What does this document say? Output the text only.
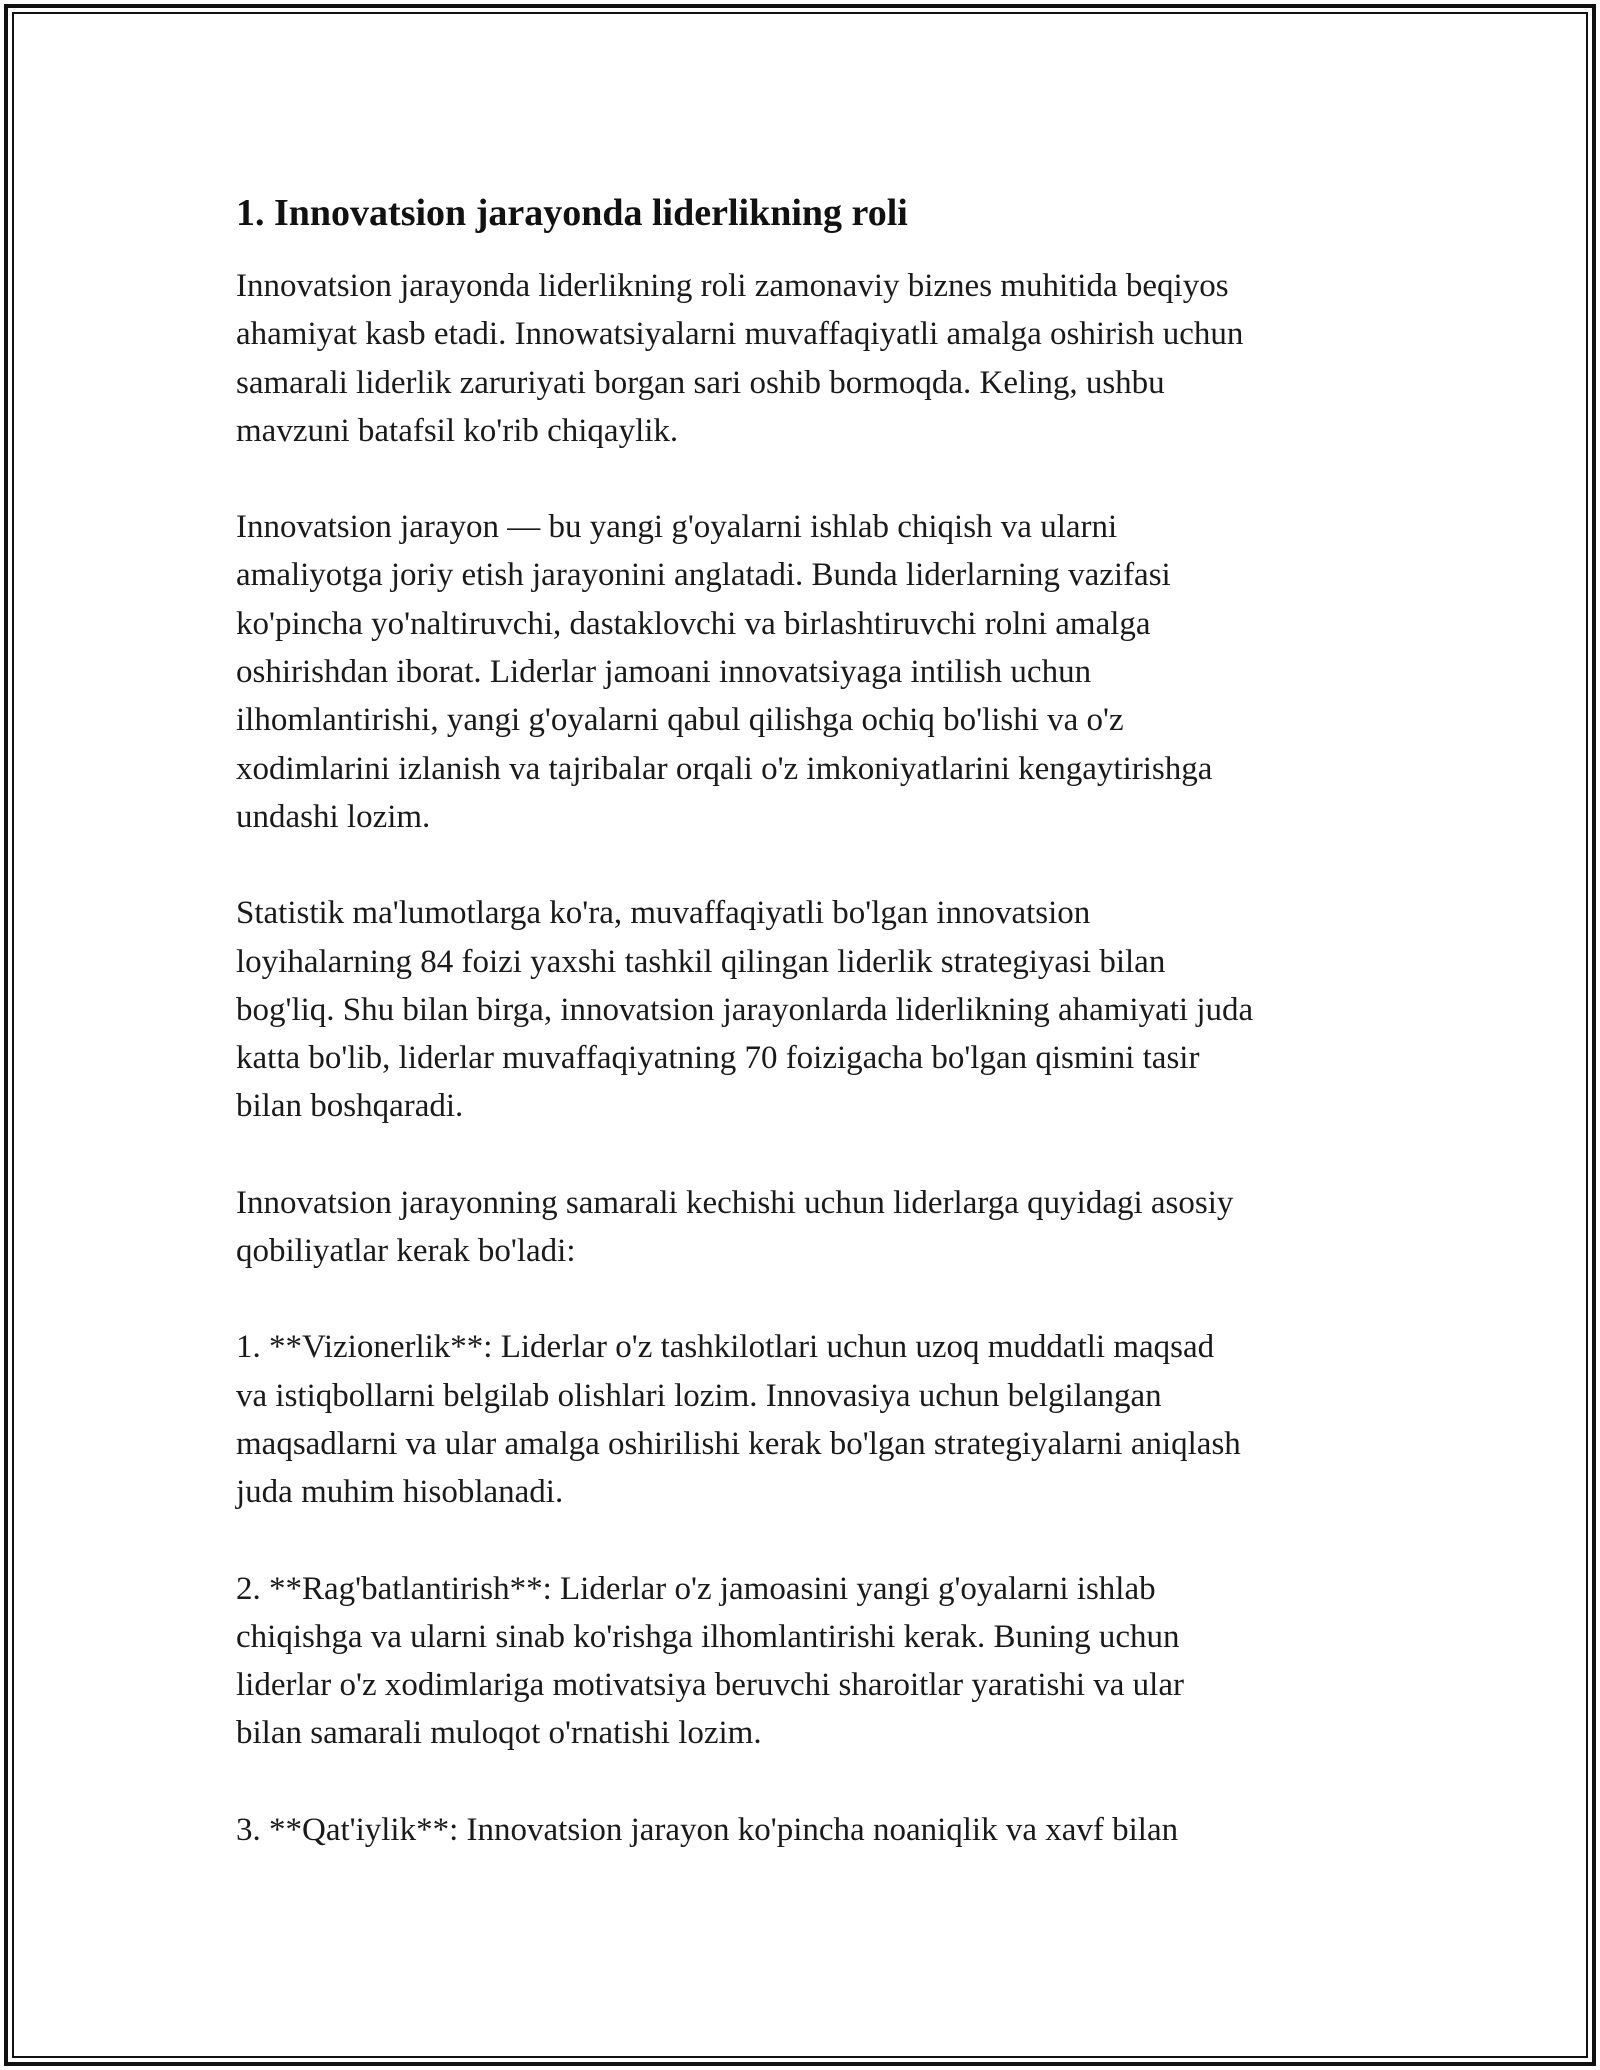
1. Innovatsion jarayonda liderlikning roli

Innovatsion jarayonda liderlikning roli zamonaviy biznes muhitida beqiyos
ahamiyat kasb etadi. Innowatsiyalarni muvaffaqiyatli amalga oshirish uchun
samarali liderlik zaruriyati borgan sari oshib bormoqda. Keling, ushbu
mavzuni batafsil ko'rib chiqaylik.

Innovatsion jarayon — bu yangi g'oyalarni ishlab chiqish va ularni
amaliyotga joriy etish jarayonini anglatadi. Bunda liderlarning vazifasi
ko'pincha yo'naltiruvchi, dastaklovchi va birlashtiruvchi rolni amalga
oshirishdan iborat. Liderlar jamoani innovatsiyaga intilish uchun
ilhomlantirishi, yangi g'oyalarni qabul qilishga ochiq bo'lishi va o'z
xodimlarini izlanish va tajribalar orqali o'z imkoniyatlarini kengaytirishga
undashi lozim.

Statistik ma'lumotlarga ko'ra, muvaffaqiyatli bo'lgan innovatsion
loyihalarning 84 foizi yaxshi tashkil qilingan liderlik strategiyasi bilan
bog'liq. Shu bilan birga, innovatsion jarayonlarda liderlikning ahamiyati juda
katta bo'lib, liderlar muvaffaqiyatning 70 foizigacha bo'lgan qismini tasir
bilan boshqaradi.

Innovatsion jarayonning samarali kechishi uchun liderlarga quyidagi asosiy
qobiliyatlar kerak bo'ladi:

1. **Vizionerlik**: Liderlar o'z tashkilotlari uchun uzoq muddatli maqsad
va istiqbollarni belgilab olishlari lozim. Innovasiya uchun belgilangan
maqsadlarni va ular amalga oshirilishi kerak bo'lgan strategiyalarni aniqlash
juda muhim hisoblanadi.

2. **Rag'batlantirish**: Liderlar o'z jamoasini yangi g'oyalarni ishlab
chiqishga va ularni sinab ko'rishga ilhomlantirishi kerak. Buning uchun
liderlar o'z xodimlariga motivatsiya beruvchi sharoitlar yaratishi va ular
bilan samarali muloqot o'rnatishi lozim.

3. **Qat'iylik**: Innovatsion jarayon ko'pincha noaniqlik va xavf bilan
